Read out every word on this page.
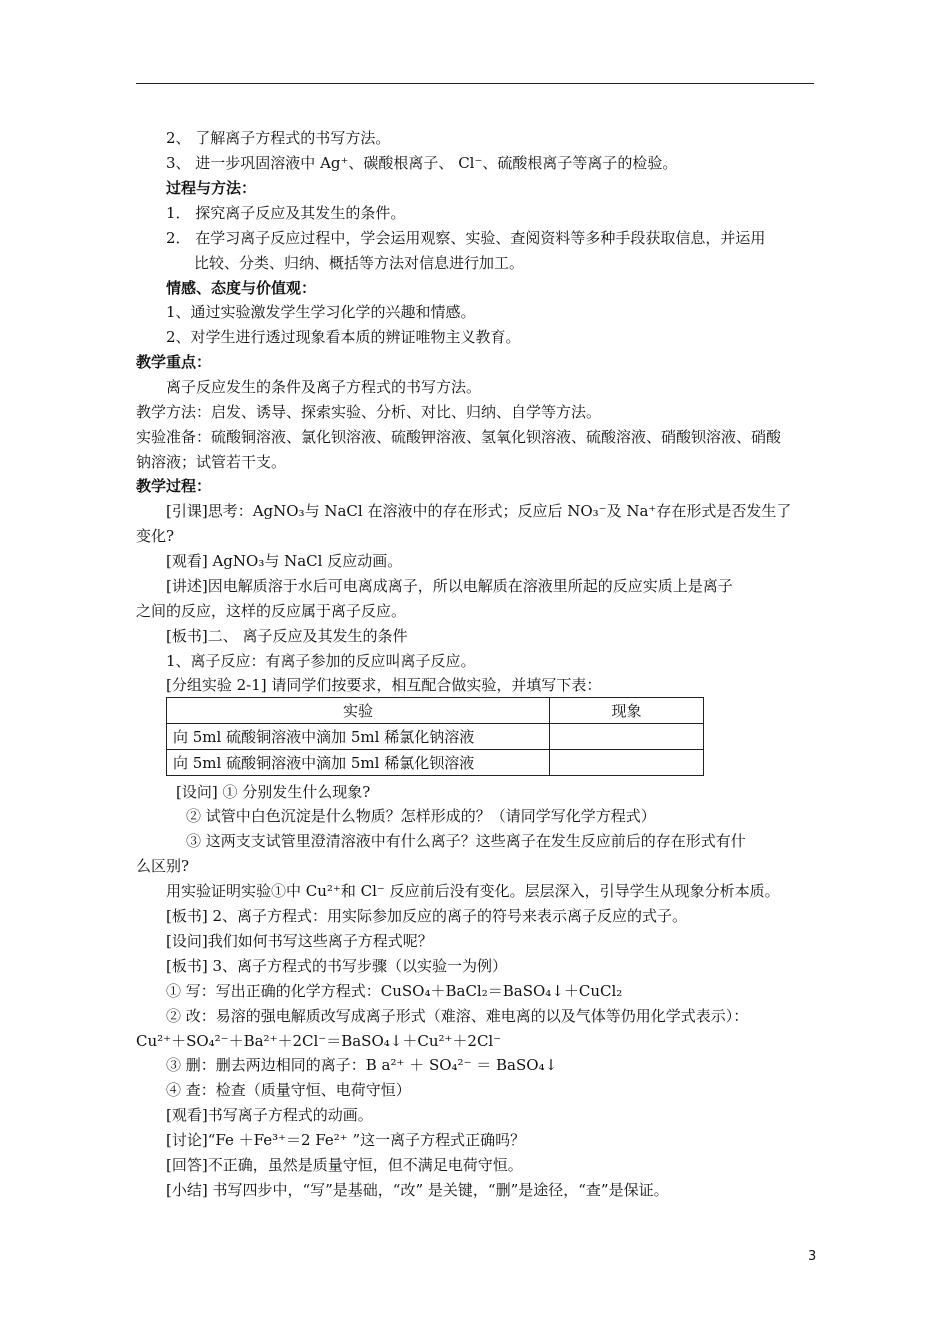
2、 了解离子方程式的书写方法。
3、 进一步巩固溶液中 Ag⁺、碳酸根离子、 Cl⁻、硫酸根离子等离子的检验。
过程与方法：
1． 探究离子反应及其发生的条件。
2． 在学习离子反应过程中，学会运用观察、实验、查阅资料等多种手段获取信息，并运用
比较、分类、归纳、概括等方法对信息进行加工。
情感、态度与价值观：
1、通过实验激发学生学习化学的兴趣和情感。
2、对学生进行透过现象看本质的辨证唯物主义教育。
教学重点：
离子反应发生的条件及离子方程式的书写方法。
教学方法：启发、诱导、探索实验、分析、对比、归纳、自学等方法。
实验准备：硫酸铜溶液、氯化钡溶液、硫酸钾溶液、氢氧化钡溶液、硫酸溶液、硝酸钡溶液、硝酸
钠溶液；试管若干支。
教学过程：
[引课]思考：AgNO₃与 NaCl 在溶液中的存在形式；反应后 NO₃⁻及 Na⁺存在形式是否发生了
变化?
[观看] AgNO₃与 NaCl 反应动画。
[讲述]因电解质溶于水后可电离成离子，所以电解质在溶液里所起的反应实质上是离子
之间的反应，这样的反应属于离子反应。
[板书]二、 离子反应及其发生的条件
1、离子反应：有离子参加的反应叫离子反应。
[分组实验 2-1] 请同学们按要求，相互配合做实验，并填写下表：
实验	现象
向 5ml 硫酸铜溶液中滴加 5ml 稀氯化钠溶液	
向 5ml 硫酸铜溶液中滴加 5ml 稀氯化钡溶液	
[设问] ① 分别发生什么现象?
② 试管中白色沉淀是什么物质？怎样形成的？（请同学写化学方程式）
③ 这两支支试管里澄清溶液中有什么离子？这些离子在发生反应前后的存在形式有什
么区别?
用实验证明实验①中 Cu²⁺和 Cl⁻ 反应前后没有变化。层层深入，引导学生从现象分析本质。
[板书] 2、离子方程式：用实际参加反应的离子的符号来表示离子反应的式子。
[设问]我们如何书写这些离子方程式呢？
[板书] 3、离子方程式的书写步骤（以实验一为例）
① 写：写出正确的化学方程式：CuSO₄＋BaCl₂＝BaSO₄↓＋CuCl₂
② 改：易溶的强电解质改写成离子形式（难溶、难电离的以及气体等仍用化学式表示）：
Cu²⁺＋SO₄²⁻＋Ba²⁺＋2Cl⁻＝BaSO₄↓＋Cu²⁺＋2Cl⁻
③ 删：删去两边相同的离子：B a²⁺ ＋ SO₄²⁻ ＝ BaSO₄↓
④ 查：检查（质量守恒、电荷守恒）
[观看]书写离子方程式的动画。
[讨论]“Fe ＋Fe³⁺＝2 Fe²⁺ ”这一离子方程式正确吗？
[回答]不正确，虽然是质量守恒，但不满足电荷守恒。
[小结] 书写四步中，“写”是基础，“改” 是关键，“删”是途径，“查”是保证。
3
